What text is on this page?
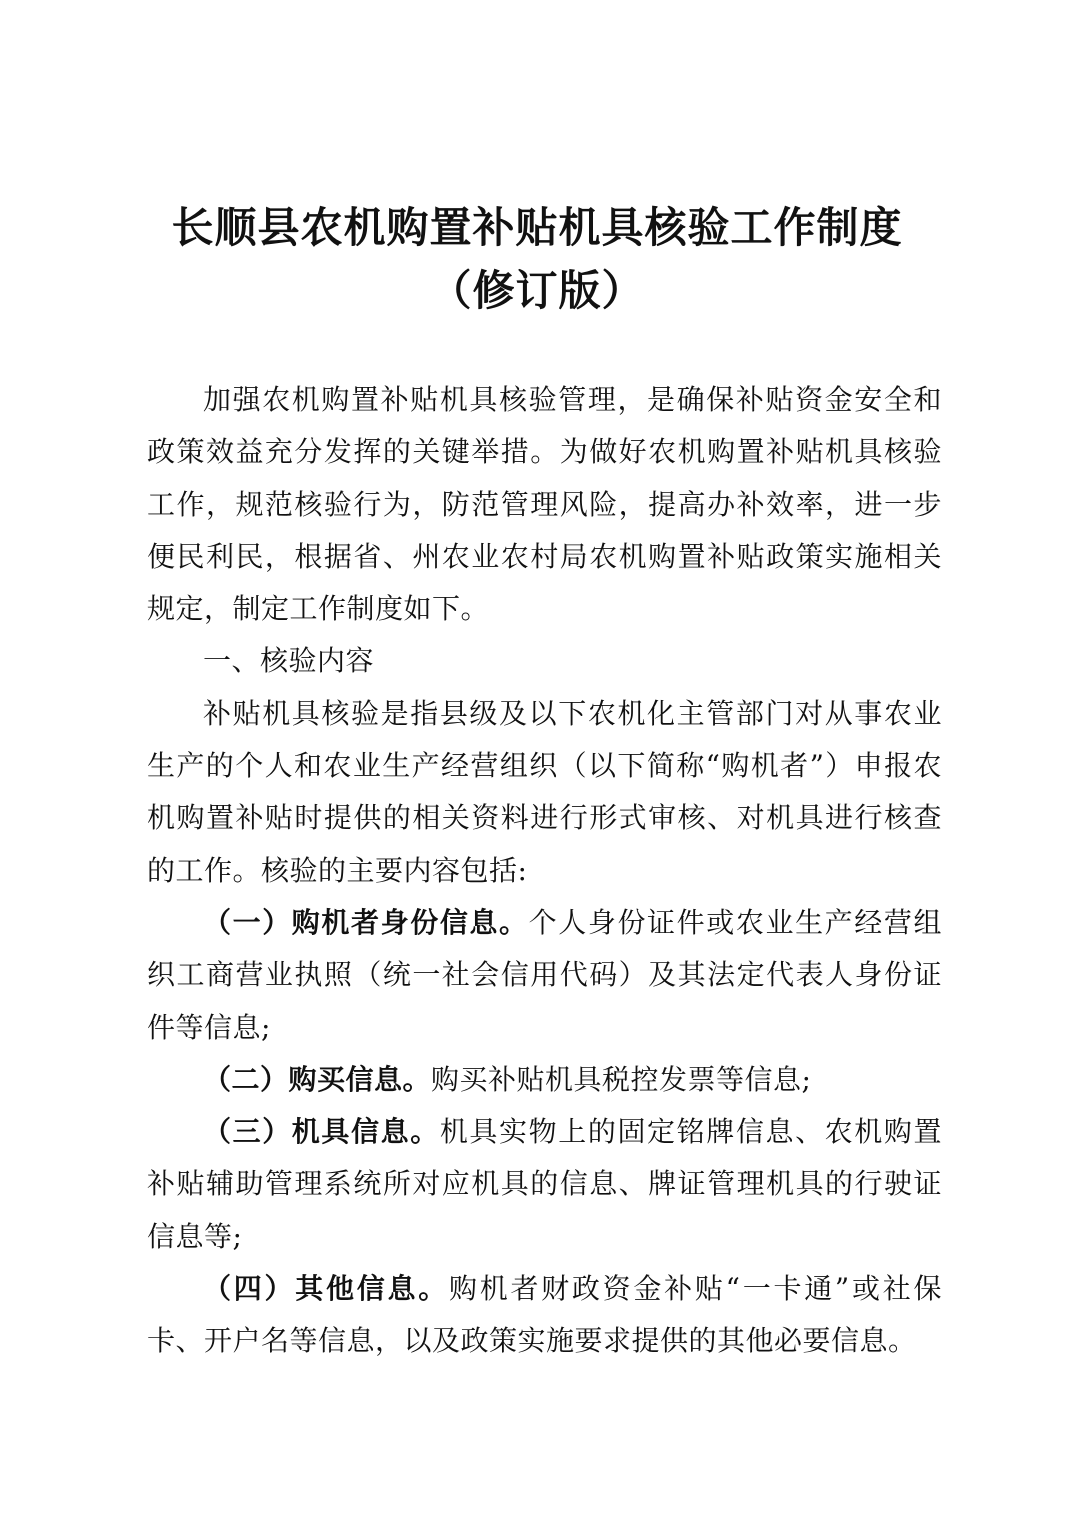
长顺县农机购置补贴机具核验工作制度
（修订版）

加强农机购置补贴机具核验管理，是确保补贴资金安全和政策效益充分发挥的关键举措。为做好农机购置补贴机具核验工作，规范核验行为，防范管理风险，提高办补效率，进一步便民利民，根据省、州农业农村局农机购置补贴政策实施相关规定，制定工作制度如下。

一、核验内容

补贴机具核验是指县级及以下农机化主管部门对从事农业生产的个人和农业生产经营组织（以下简称“购机者”）申报农机购置补贴时提供的相关资料进行形式审核、对机具进行核查的工作。核验的主要内容包括:

（一）购机者身份信息。个人身份证件或农业生产经营组织工商营业执照（统一社会信用代码）及其法定代表人身份证件等信息;

（二）购买信息。购买补贴机具税控发票等信息;

（三）机具信息。机具实物上的固定铭牌信息、农机购置补贴辅助管理系统所对应机具的信息、牌证管理机具的行驶证信息等;

（四）其他信息。购机者财政资金补贴“一卡通”或社保卡、开户名等信息，以及政策实施要求提供的其他必要信息。
